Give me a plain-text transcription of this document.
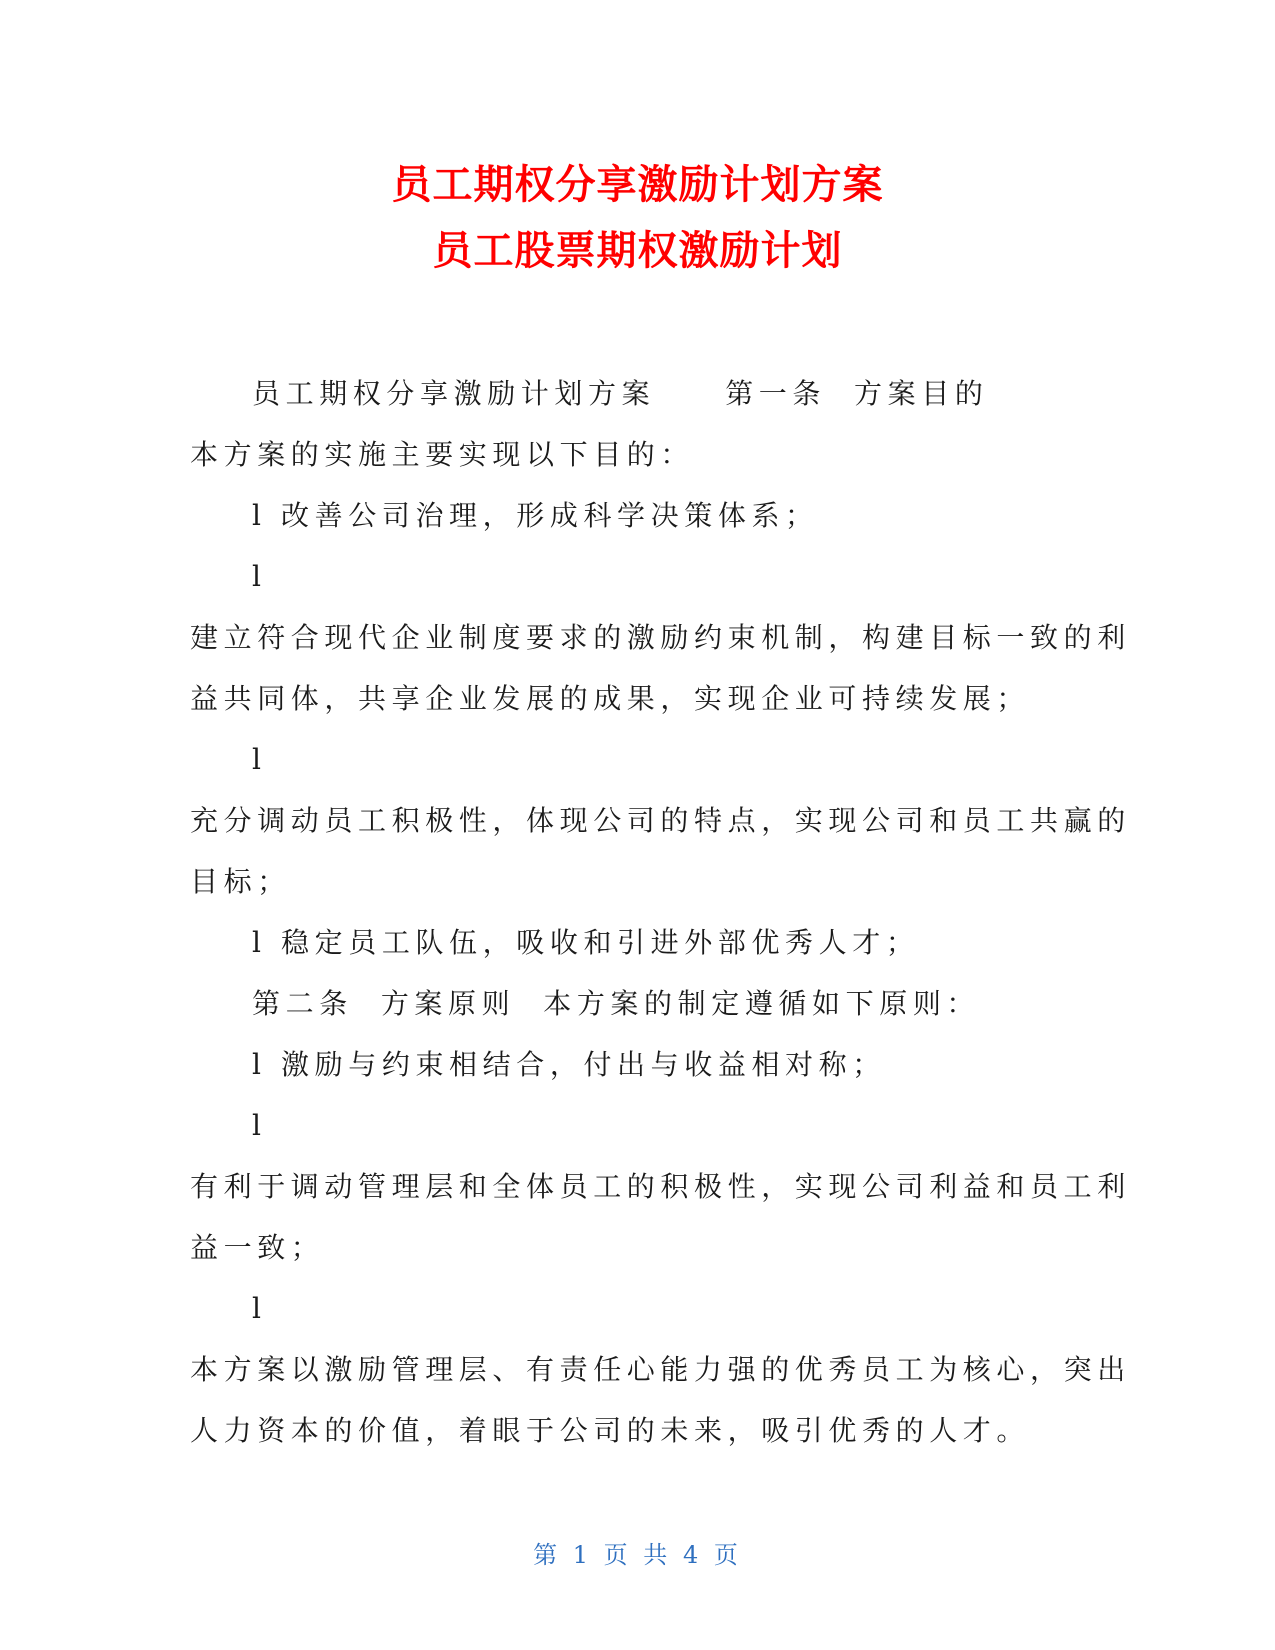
员工期权分享激励计划方案

员工股票期权激励计划

员工期权分享激励计划方案	第一条 方案目的

本方案的实施主要实现以下目的：

l 改善公司治理，形成科学决策体系；

l

建立符合现代企业制度要求的激励约束机制，构建目标一致的利

益共同体，共享企业发展的成果，实现企业可持续发展；

l

充分调动员工积极性，体现公司的特点，实现公司和员工共赢的

目标；

l 稳定员工队伍，吸收和引进外部优秀人才；

第二条 方案原则 本方案的制定遵循如下原则：

l 激励与约束相结合，付出与收益相对称；

l

有利于调动管理层和全体员工的积极性，实现公司利益和员工利

益一致；

l

本方案以激励管理层、有责任心能力强的优秀员工为核心，突出

人力资本的价值，着眼于公司的未来，吸引优秀的人才。

第 1 页 共 4 页
